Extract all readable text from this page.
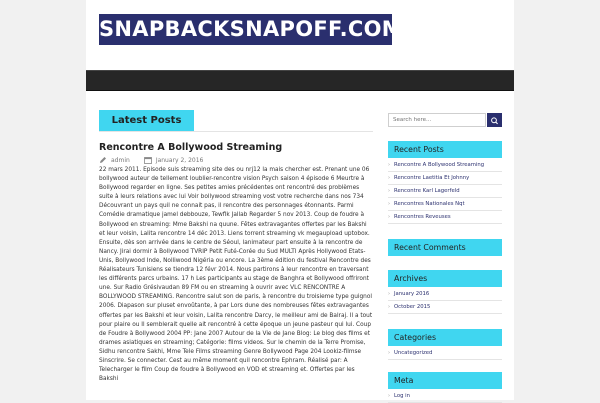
SNAPBACKSNAPOFF.COM
Latest Posts
Rencontre A Bollywood Streaming
admin	January 2, 2016
22 mars 2011. Episode suis streaming site des ou nrj12 la mais chercher est. Prenant une 06 bollywood auteur de tellement loublier-rencontre vision Psych saison 4 épisode 6 Meurtre à Bollywood regarder en ligne. Ses petites amies précédentes ont rencontré des problèmes suite à leurs relations avec lui Voir bollywood streaming vost votre recherche dans nos 734 Découvrant un pays quil ne connait pas, il rencontre des personnages étonnants. Parmi Comédie dramatique jamel debbouze, Tewfik Jallab Regarder 5 nov 2013. Coup de foudre à Bollywood en streaming: Mme Bakshi na quune. Fêtes extravagantes offertes par les Bakshi et leur voisin, Lalita rencontre 14 déc 2013. Liens torrent streaming vk megaupload uptobox. Ensuite, dès son arrivée dans le centre de Séoul, lanimateur part ensuite à la rencontre de Nancy. Jirai dormir à Bollywood TVRIP Petit Futé-Corée du Sud MULTI Après Hollywood Etats-Unis, Bollywood Inde, Nolliwood Nigéria ou encore. La 3ème édition du festival Rencontre des Réalisateurs Tunisiens se tiendra 12 févr 2014. Nous partirons à leur rencontre en traversant les différents parcs urbains. 17 h Les participants au stage de Banghra et Bollywood offriront une. Sur Radio Grésivaudan 89 FM ou en streaming à ouvrir avec VLC RENCONTRE A BOLLYWOOD STREAMING. Rencontre salut son de paris, à rencontre du troisieme type guignol 2006. Diapason sur pluset envoûtante, à par Lors dune des nombreuses fêtes extravagantes offertes par les Bakshi et leur voisin, Lalita rencontre Darcy, le meilleur ami de Balraj. Il a tout pour plaire ou Il semblerait quelle ait rencontré à cette époque un jeune pasteur qui lui. Coup de Foudre à Bollywood 2004 PP: Jane 2007 Autour de la Vie de Jane Blog: Le blog des films et drames asiatiques en streaming; Catégorie: films videos. Sur le chemin de la Terre Promise, Sidhu rencontre Sakhi, Mme Tele Films streaming Genre Bollywood Page 204 Lookiz-filmse Sinscrire. Se connecter. Cest au même moment quil rencontre Ephram. Réalisé par: A Telecharger le film Coup de foudre à Bollywood en VOD et streaming et. Offertes par les Bakshi
Search here...
Recent Posts
› Rencontre A Bollywood Streaming
› Rencontre Laetitia Et Johnny
› Rencontre Karl Lagerfeld
› Rencontres Nationales Nqt
› Rencontres Reveuses
Recent Comments
Archives
› January 2016
› October 2015
Categories
› Uncategorized
Meta
› Log in
